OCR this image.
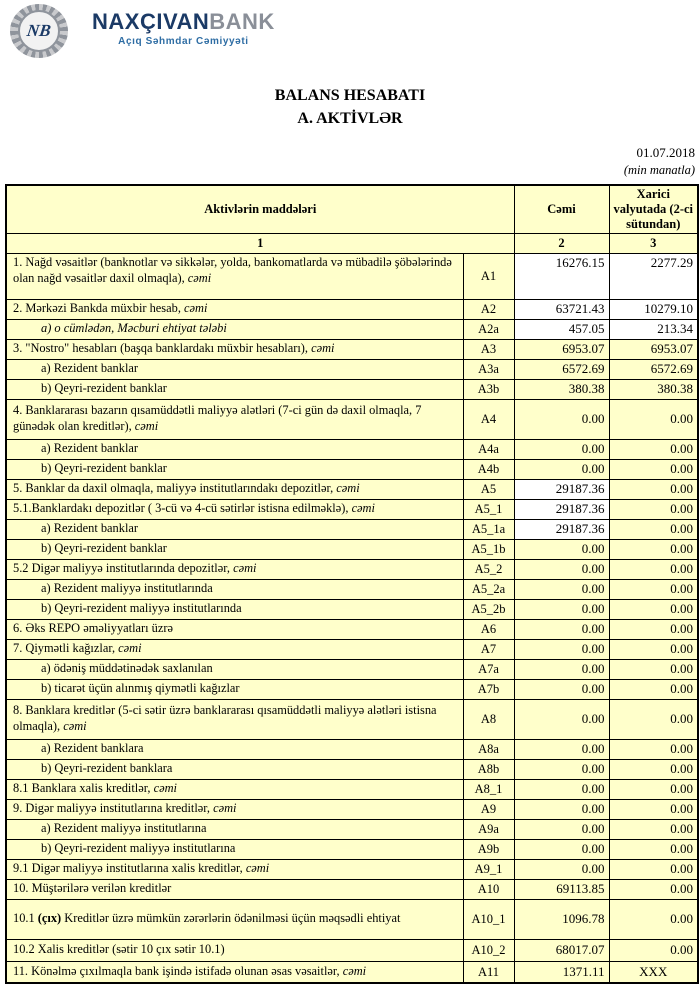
NB NAXÇIVANBANK
Açıq Səhmdar Cəmiyyəti
BALANS HESABATI
A. AKTİVLƏR
01.07.2018
(min manatla)
Aktivlərin maddələri		Cəmi	Xarici valyutada (2-ci sütundan)
1		2	3
1. Nağd vəsaitlər (banknotlar və sikkələr, yolda, bankomatlarda və mübadilə şöbələrində olan nağd vəsaitlər daxil olmaqla), cəmi	A1	16276.15	2277.29
2. Mərkəzi Bankda müxbir hesab, cəmi	A2	63721.43	10279.10
a) o cümlədən, Məcburi ehtiyat tələbi	A2a	457.05	213.34
3. "Nostro" hesabları (başqa banklardakı müxbir hesabları), cəmi	A3	6953.07	6953.07
a) Rezident banklar	A3a	6572.69	6572.69
b) Qeyri-rezident banklar	A3b	380.38	380.38
4. Banklararası bazarın qısamüddətli maliyyə alətləri (7-ci gün də daxil olmaqla, 7 günədək olan kreditlər), cəmi	A4	0.00	0.00
a) Rezident banklar	A4a	0.00	0.00
b) Qeyri-rezident banklar	A4b	0.00	0.00
5. Banklar da daxil olmaqla, maliyyə institutlarındakı depozitlər, cəmi	A5	29187.36	0.00
5.1.Banklardakı depozitlər ( 3-cü və 4-cü sətirlər istisna edilməklə), cəmi	A5_1	29187.36	0.00
a) Rezident banklar	A5_1a	29187.36	0.00
b) Qeyri-rezident banklar	A5_1b	0.00	0.00
5.2 Digər maliyyə institutlarında depozitlər, cəmi	A5_2	0.00	0.00
a) Rezident maliyyə institutlarında	A5_2a	0.00	0.00
b) Qeyri-rezident maliyyə institutlarında	A5_2b	0.00	0.00
6. Əks REPO əməliyyatları üzrə	A6	0.00	0.00
7. Qiymətli kağızlar, cəmi	A7	0.00	0.00
a) ödəniş müddətinədək saxlanılan	A7a	0.00	0.00
b) ticarət üçün alınmış qiymətli kağızlar	A7b	0.00	0.00
8. Banklara kreditlər (5-ci sətir üzrə banklararası qısamüddətli maliyyə alətləri istisna olmaqla), cəmi	A8	0.00	0.00
a) Rezident banklara	A8a	0.00	0.00
b) Qeyri-rezident banklara	A8b	0.00	0.00
8.1 Banklara xalis kreditlər, cəmi	A8_1	0.00	0.00
9. Digər maliyyə institutlarına kreditlər, cəmi	A9	0.00	0.00
a) Rezident maliyyə institutlarına	A9a	0.00	0.00
b) Qeyri-rezident maliyyə institutlarına	A9b	0.00	0.00
9.1 Digər maliyyə institutlarına xalis kreditlər, cəmi	A9_1	0.00	0.00
10. Müştərilərə verilən kreditlər	A10	69113.85	0.00
10.1 (çıx) Kreditlər üzrə mümkün zərərlərin ödənilməsi üçün məqsədli ehtiyat	A10_1	1096.78	0.00
10.2 Xalis kreditlər (sətir 10 çıx sətir 10.1)	A10_2	68017.07	0.00
11. Könəlmə çıxılmaqla bank işində istifadə olunan əsas vəsaitlər, cəmi	A11	1371.11	XXX
